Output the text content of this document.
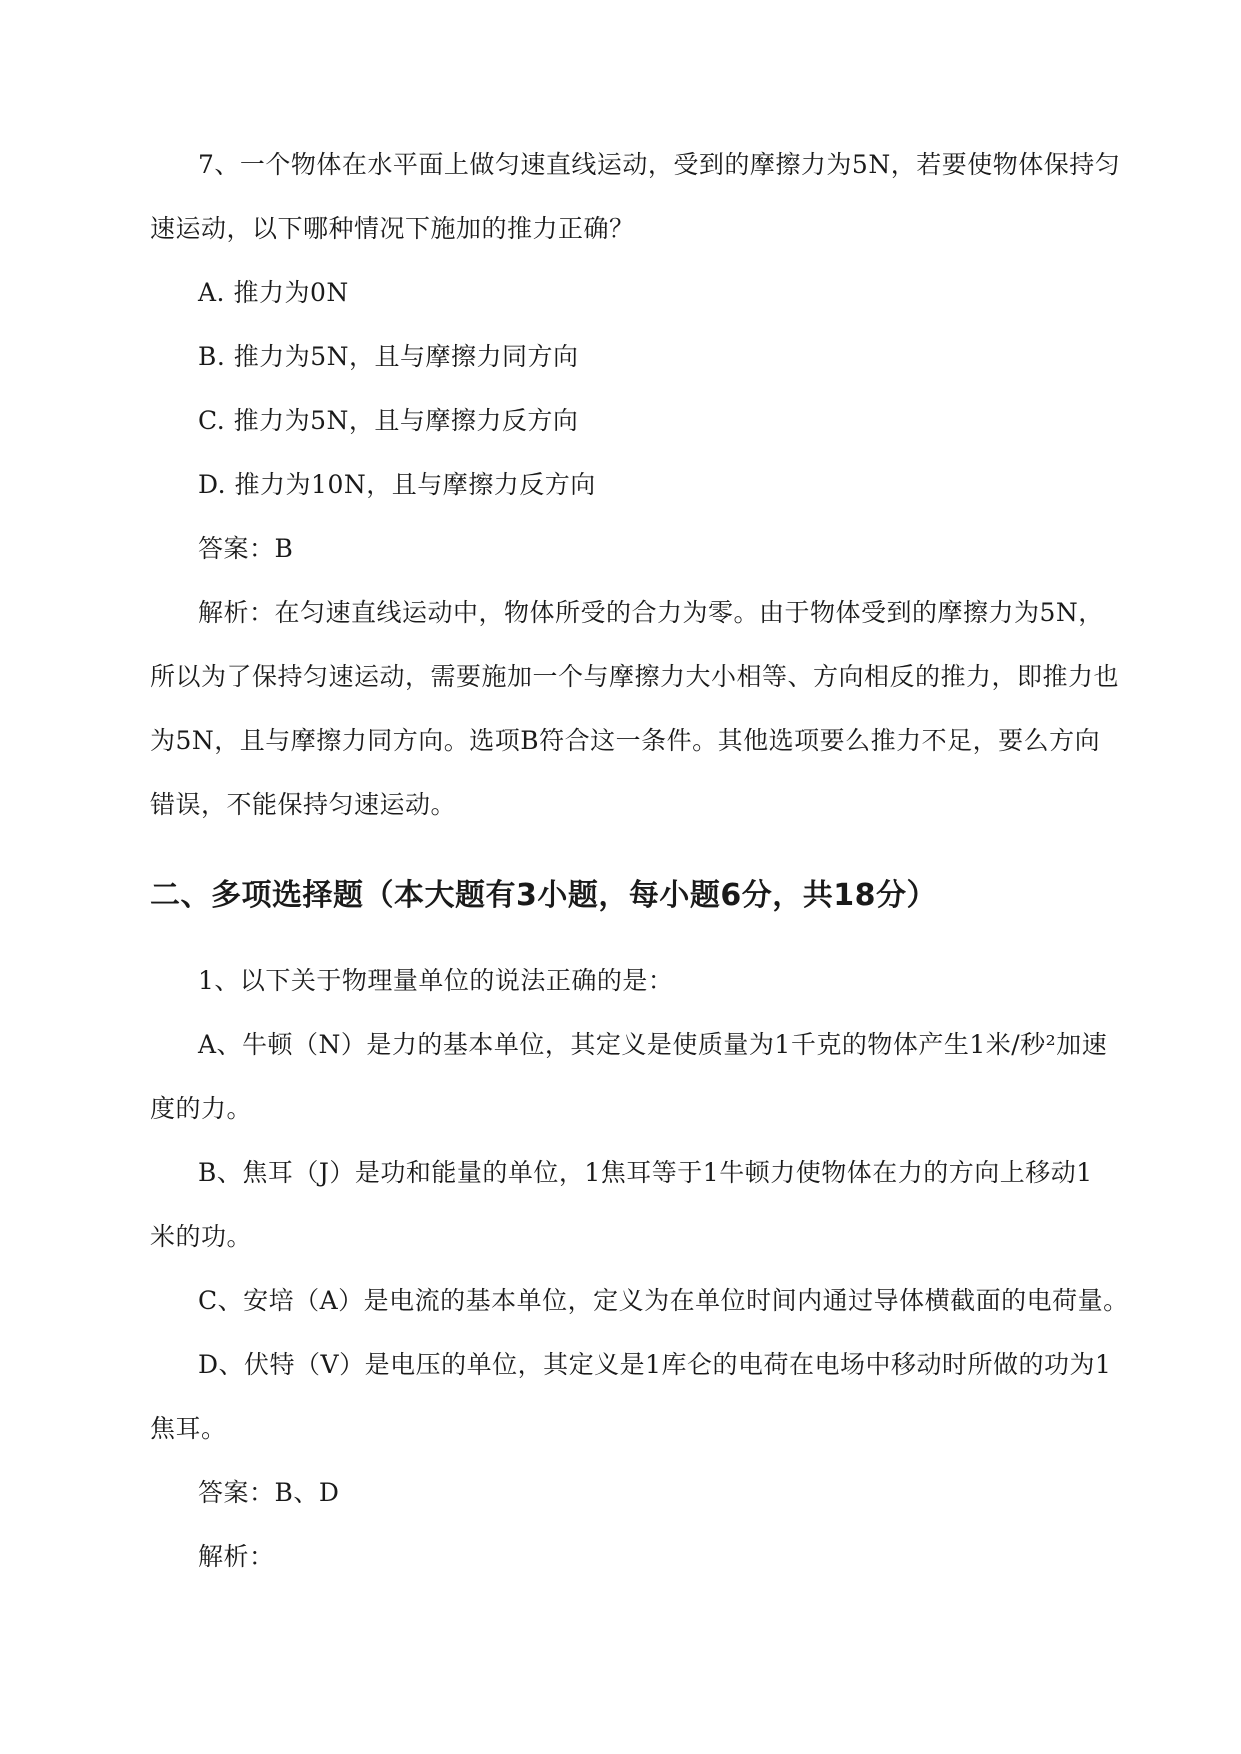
7、一个物体在水平面上做匀速直线运动，受到的摩擦力为5N，若要使物体保持匀
速运动，以下哪种情况下施加的推力正确？
A. 推力为0N
B. 推力为5N，且与摩擦力同方向
C. 推力为5N，且与摩擦力反方向
D. 推力为10N，且与摩擦力反方向
答案：B
解析：在匀速直线运动中，物体所受的合力为零。由于物体受到的摩擦力为5N，
所以为了保持匀速运动，需要施加一个与摩擦力大小相等、方向相反的推力，即推力也
为5N，且与摩擦力同方向。选项B符合这一条件。其他选项要么推力不足，要么方向
错误，不能保持匀速运动。
二、多项选择题（本大题有3小题，每小题6分，共18分）
1、以下关于物理量单位的说法正确的是：
A、牛顿（N）是力的基本单位，其定义是使质量为1千克的物体产生1米/秒²加速
度的力。
B、焦耳（J）是功和能量的单位，1焦耳等于1牛顿力使物体在力的方向上移动1
米的功。
C、安培（A）是电流的基本单位，定义为在单位时间内通过导体横截面的电荷量。
D、伏特（V）是电压的单位，其定义是1库仑的电荷在电场中移动时所做的功为1
焦耳。
答案：B、D
解析：
